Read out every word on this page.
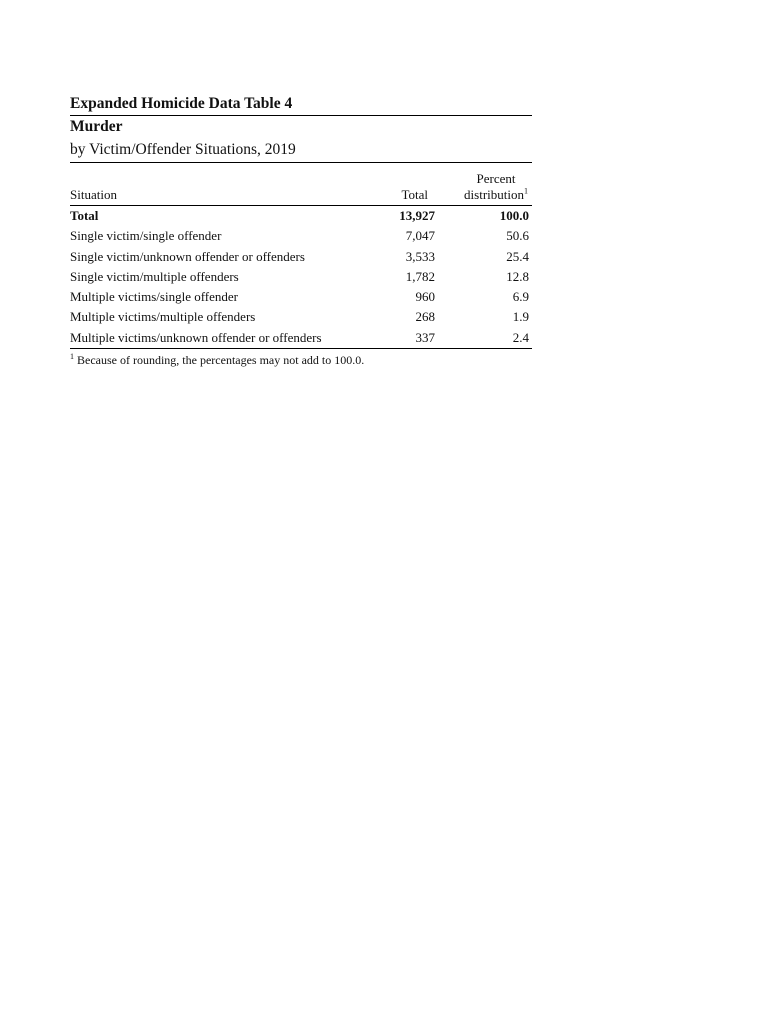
Expanded Homicide Data Table 4

Murder

by Victim/Offender Situations, 2019

Situation	Total	Percent
distribution$^1$
Total	13,927	100.0
Single victim/single offender	7,047	50.6
Single victim/unknown offender or offenders	3,533	25.4
Single victim/multiple offenders	1,782	12.8
Multiple victims/single offender	960	6.9
Multiple victims/multiple offenders	268	1.9
Multiple victims/unknown offender or offenders	337	2.4
$^1$ Because of rounding, the percentages may not add to 100.0.
